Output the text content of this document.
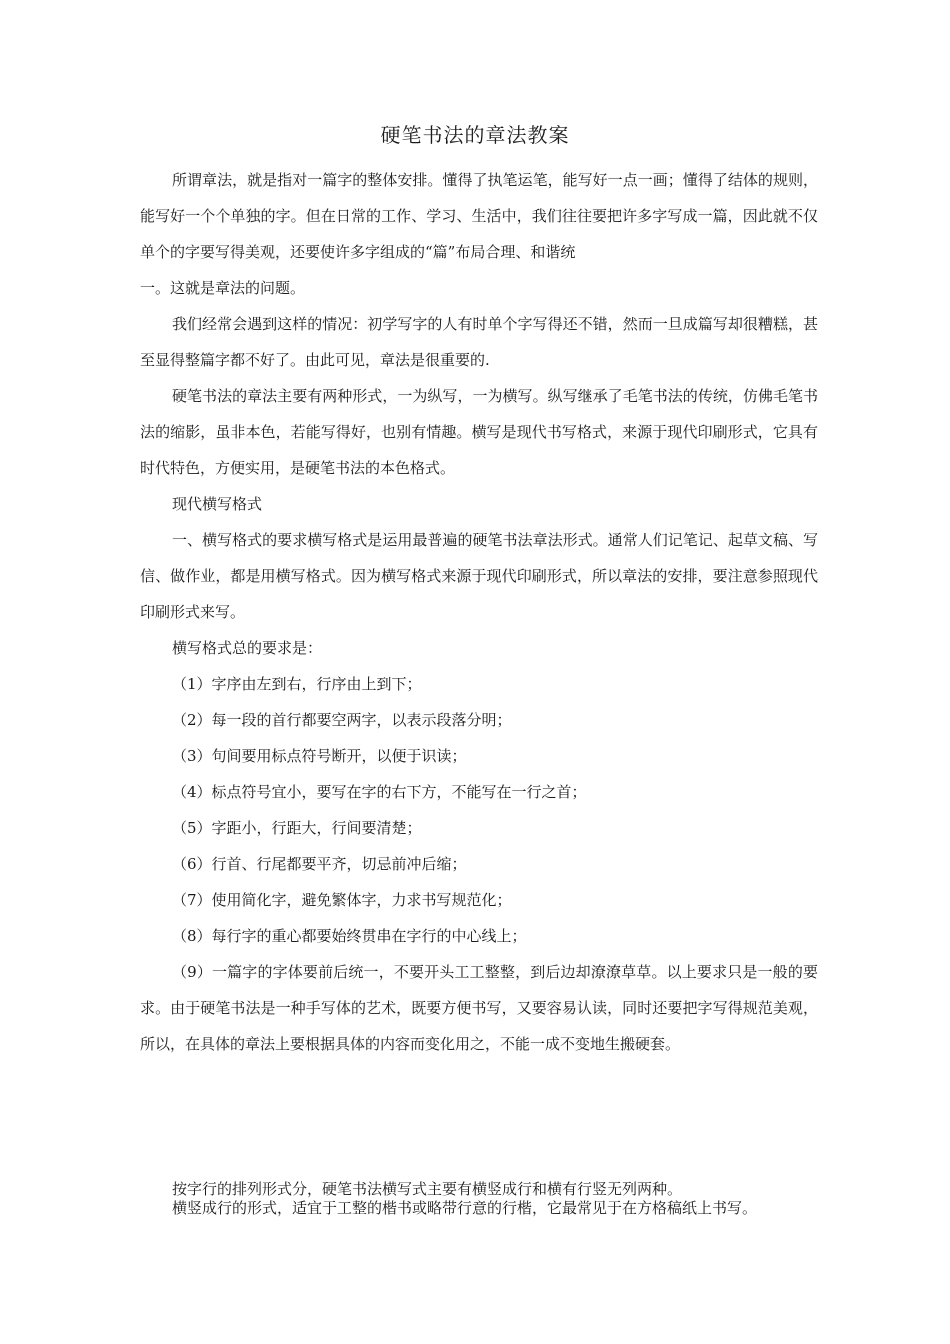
硬笔书法的章法教案

所谓章法，就是指对一篇字的整体安排。懂得了执笔运笔，能写好一点一画；懂得了结体的规则，能写好一个个单独的字。但在日常的工作、学习、生活中，我们往往要把许多字写成一篇，因此就不仅单个的字要写得美观，还要使许多字组成的“篇”布局合理、和谐统

一。这就是章法的问题。

我们经常会遇到这样的情况：初学写字的人有时单个字写得还不错，然而一旦成篇写却很糟糕，甚至显得整篇字都不好了。由此可见，章法是很重要的.

硬笔书法的章法主要有两种形式，一为纵写，一为横写。纵写继承了毛笔书法的传统，仿佛毛笔书法的缩影，虽非本色，若能写得好，也别有情趣。横写是现代书写格式，来源于现代印刷形式，它具有时代特色，方便实用，是硬笔书法的本色格式。

现代横写格式

一、横写格式的要求横写格式是运用最普遍的硬笔书法章法形式。通常人们记笔记、起草文稿、写信、做作业，都是用横写格式。因为横写格式来源于现代印刷形式，所以章法的安排，要注意参照现代印刷形式来写。

横写格式总的要求是：

（1）字序由左到右，行序由上到下；

（2）每一段的首行都要空两字，以表示段落分明；

（3）句间要用标点符号断开，以便于识读；

（4）标点符号宜小，要写在字的右下方，不能写在一行之首；

（5）字距小，行距大，行间要清楚；

（6）行首、行尾都要平齐，切忌前冲后缩；

（7）使用简化字，避免繁体字，力求书写规范化；

（8）每行字的重心都要始终贯串在字行的中心线上；

（9）一篇字的字体要前后统一，不要开头工工整整，到后边却潦潦草草。以上要求只是一般的要求。由于硬笔书法是一种手写体的艺术，既要方便书写，又要容易认读，同时还要把字写得规范美观，所以，在具体的章法上要根据具体的内容而变化用之，不能一成不变地生搬硬套。

按字行的排列形式分，硬笔书法横写式主要有横竖成行和横有行竖无列两种。

横竖成行的形式，适宜于工整的楷书或略带行意的行楷，它最常见于在方格稿纸上书写。
